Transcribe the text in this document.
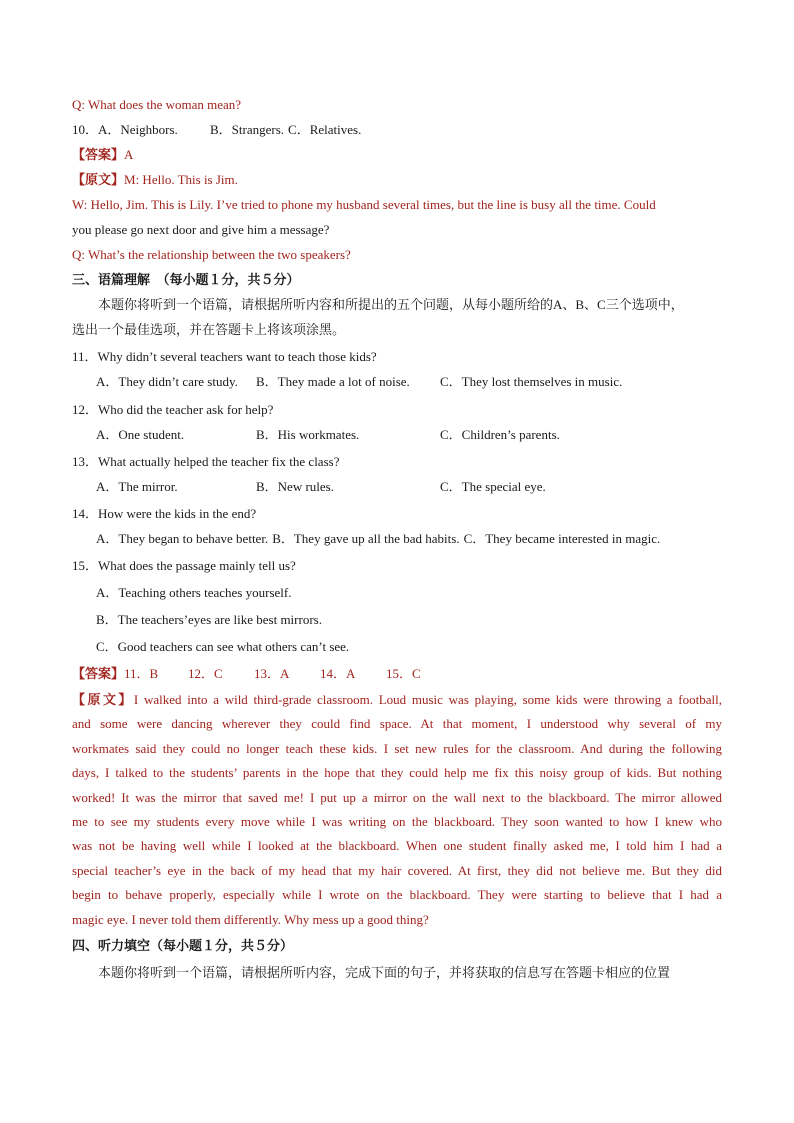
Q: What does the woman mean?
10．A．Neighbors. B．Strangers. C．Relatives.
【答案】A
【原文】M: Hello. This is Jim.
W: Hello, Jim. This is Lily. I’ve tried to phone my husband several times, but the line is busy all the time. Could
you please go next door and give him a message?
Q: What’s the relationship between the two speakers?
三、语篇理解　（每小题１分，共５分）
本题你将听到一个语篇，请根据所听内容和所提出的五个问题，从每小题所给的A、B、C三个选项中，
选出一个最佳选项，并在答题卡上将该项涂黑。
11．Why didn’t several teachers want to teach those kids?
A．They didn’t care study. B．They made a lot of noise. C．They lost themselves in music.
12．Who did the teacher ask for help?
A．One student.	B．His workmates.	C．Children’s parents.
13．What actually helped the teacher fix the class?
A．The mirror.	B．New rules.	C．The special eye.
14．How were the kids in the end?
A．They began to behave better. B．They gave up all the bad habits. C．They became interested in magic.
15．What does the passage mainly tell us?
A．Teaching others teaches yourself.
B．The teachers’eyes are like best mirrors.
C．Good teachers can see what others can’t see.
【答案】11．B 12．C 13．A 14．A 15．C
【原文】I walked into a wild third-grade classroom. Loud music was playing, some kids were throwing a football,
and some were dancing wherever they could find space. At that moment, I understood why several of my
workmates said they could no longer teach these kids. I set new rules for the classroom. And during the following
days, I talked to the students’ parents in the hope that they could help me fix this noisy group of kids. But nothing
worked! It was the mirror that saved me! I put up a mirror on the wall next to the blackboard. The mirror allowed
me to see my students every move while I was writing on the blackboard. They soon wanted to how I knew who
was not be having well while I looked at the blackboard. When one student finally asked me, I told him I had a
special teacher’s eye in the back of my head that my hair covered. At first, they did not believe me. But they did
begin to behave properly, especially while I wrote on the blackboard. They were starting to believe that I had a
magic eye. I never told them differently. Why mess up a good thing?
四、听力填空（每小题１分，共５分）
本题你将听到一个语篇，请根据所听内容，完成下面的句子，并将获取的信息写在答题卡相应的位置
